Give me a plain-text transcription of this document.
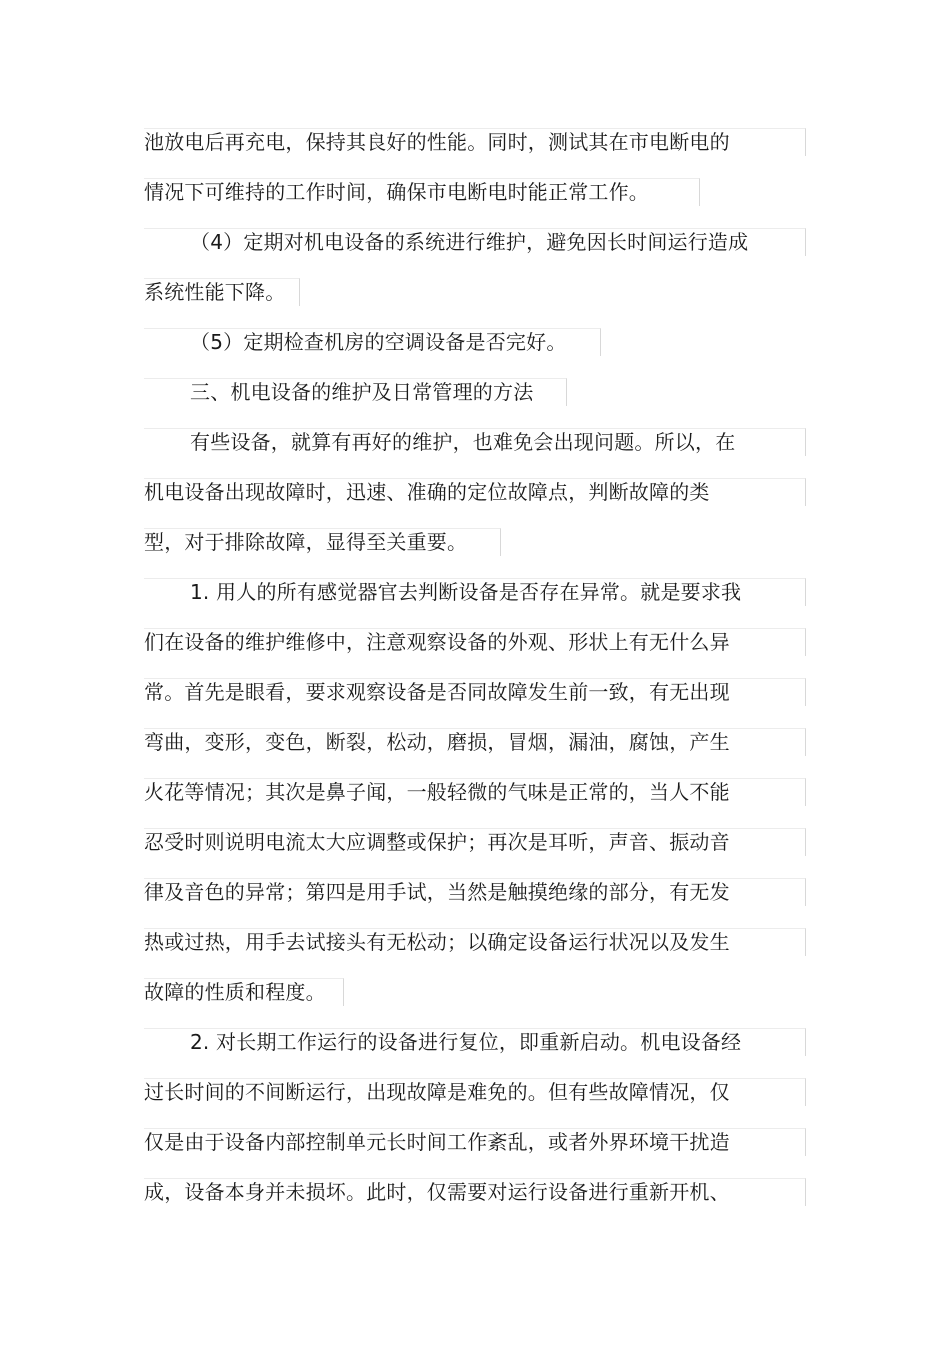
池放电后再充电，保持其良好的性能。同时，测试其在市电断电的
情况下可维持的工作时间，确保市电断电时能正常工作。
（4）定期对机电设备的系统进行维护，避免因长时间运行造成
系统性能下降。
（5）定期检查机房的空调设备是否完好。
三、机电设备的维护及日常管理的方法
有些设备，就算有再好的维护，也难免会出现问题。所以，在
机电设备出现故障时，迅速、准确的定位故障点，判断故障的类
型，对于排除故障，显得至关重要。
1. 用人的所有感觉器官去判断设备是否存在异常。就是要求我
们在设备的维护维修中，注意观察设备的外观、形状上有无什么异
常。首先是眼看，要求观察设备是否同故障发生前一致，有无出现
弯曲，变形，变色，断裂，松动，磨损，冒烟，漏油，腐蚀，产生
火花等情况；其次是鼻子闻，一般轻微的气味是正常的，当人不能
忍受时则说明电流太大应调整或保护；再次是耳听，声音、振动音
律及音色的异常；第四是用手试，当然是触摸绝缘的部分，有无发
热或过热，用手去试接头有无松动；以确定设备运行状况以及发生
故障的性质和程度。
2. 对长期工作运行的设备进行复位，即重新启动。机电设备经
过长时间的不间断运行，出现故障是难免的。但有些故障情况，仅
仅是由于设备内部控制单元长时间工作紊乱，或者外界环境干扰造
成，设备本身并未损坏。此时，仅需要对运行设备进行重新开机、
